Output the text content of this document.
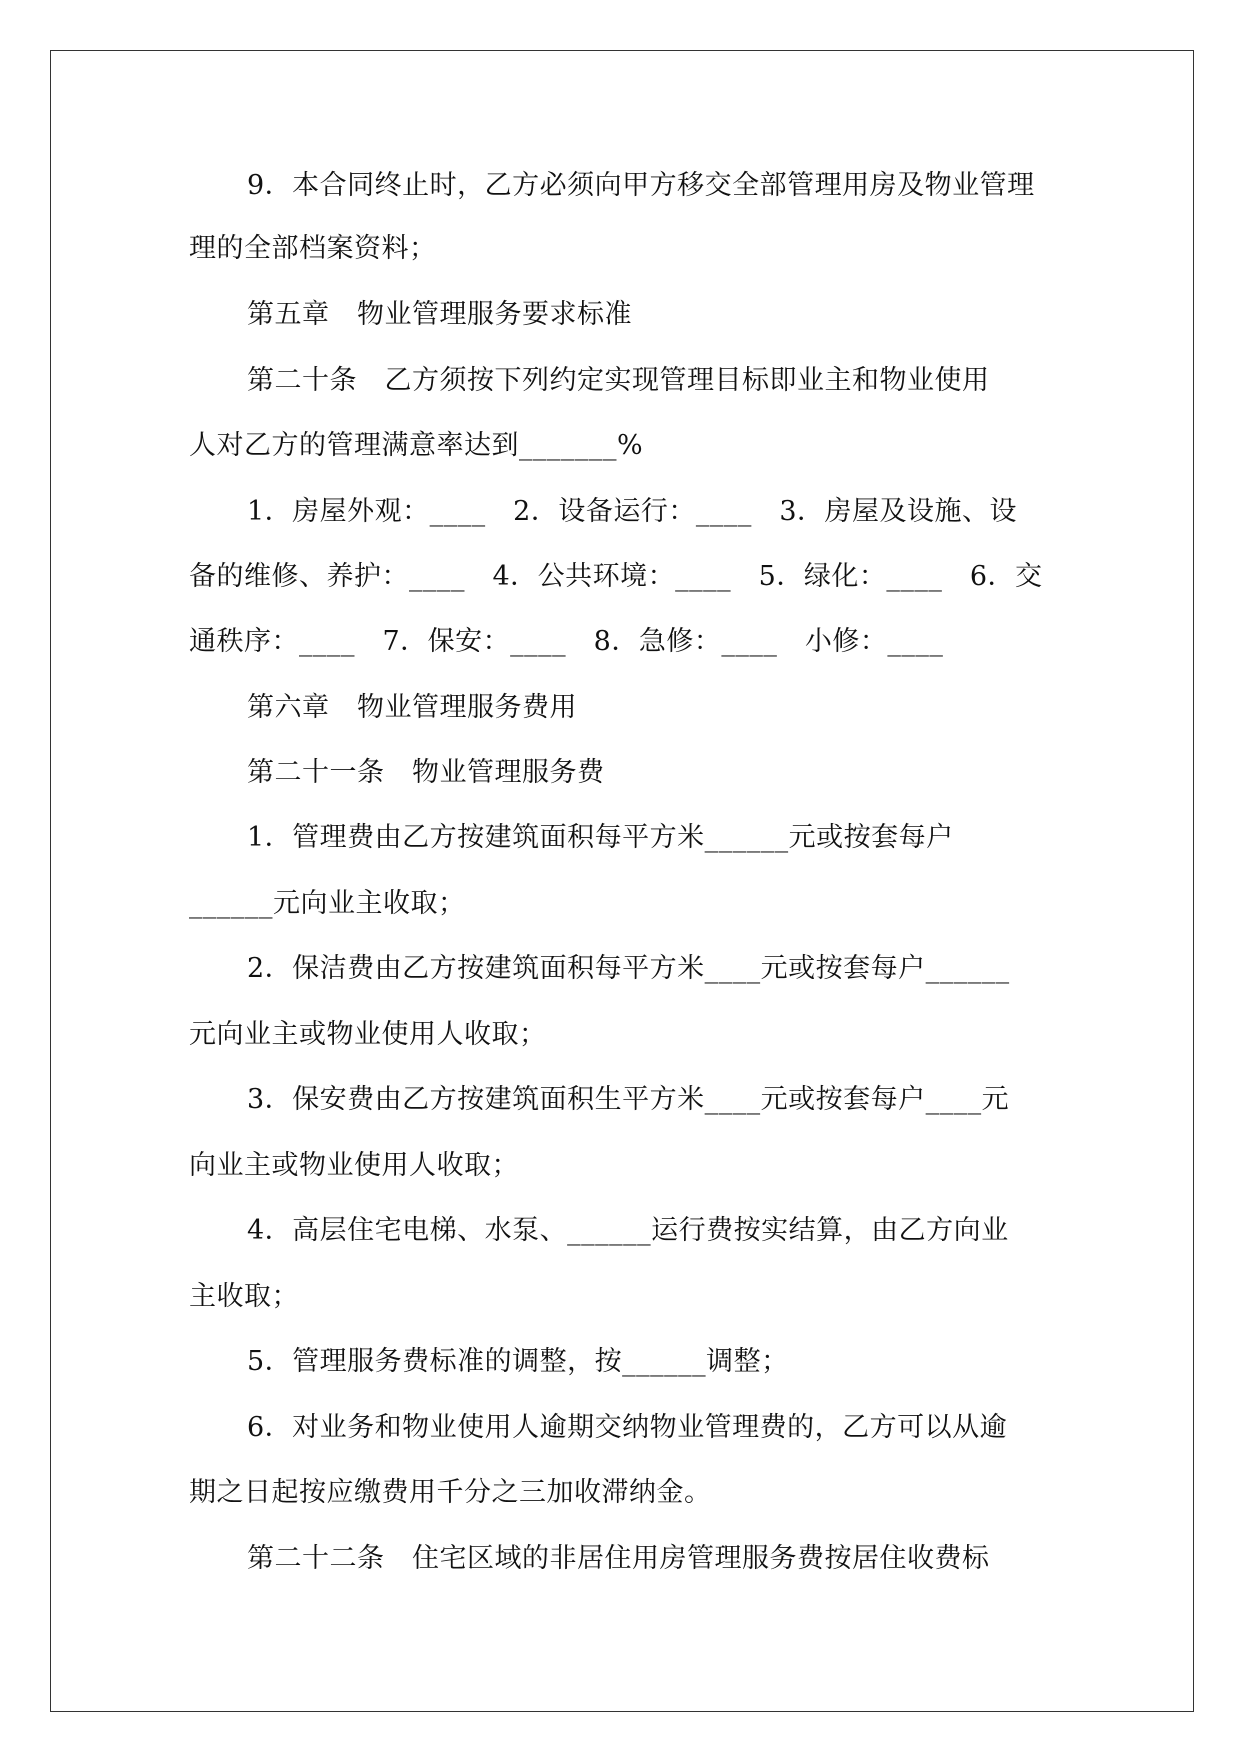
9．本合同终止时，乙方必须向甲方移交全部管理用房及物业管理

理的全部档案资料；

第五章　物业管理服务要求标准

第二十条　乙方须按下列约定实现管理目标即业主和物业使用

人对乙方的管理满意率达到_______%

1．房屋外观：____　2．设备运行：____　3．房屋及设施、设

备的维修、养护：____　4．公共环境：____　5．绿化：____　6．交

通秩序：____　7．保安：____　8．急修：____　小修：____

第六章　物业管理服务费用

第二十一条　物业管理服务费

1．管理费由乙方按建筑面积每平方米______元或按套每户

______元向业主收取；

2．保洁费由乙方按建筑面积每平方米____元或按套每户______

元向业主或物业使用人收取；

3．保安费由乙方按建筑面积生平方米____元或按套每户____元

向业主或物业使用人收取；

4．高层住宅电梯、水泵、______运行费按实结算，由乙方向业

主收取；

5．管理服务费标准的调整，按______调整；

6．对业务和物业使用人逾期交纳物业管理费的，乙方可以从逾

期之日起按应缴费用千分之三加收滞纳金。

第二十二条　住宅区域的非居住用房管理服务费按居住收费标
